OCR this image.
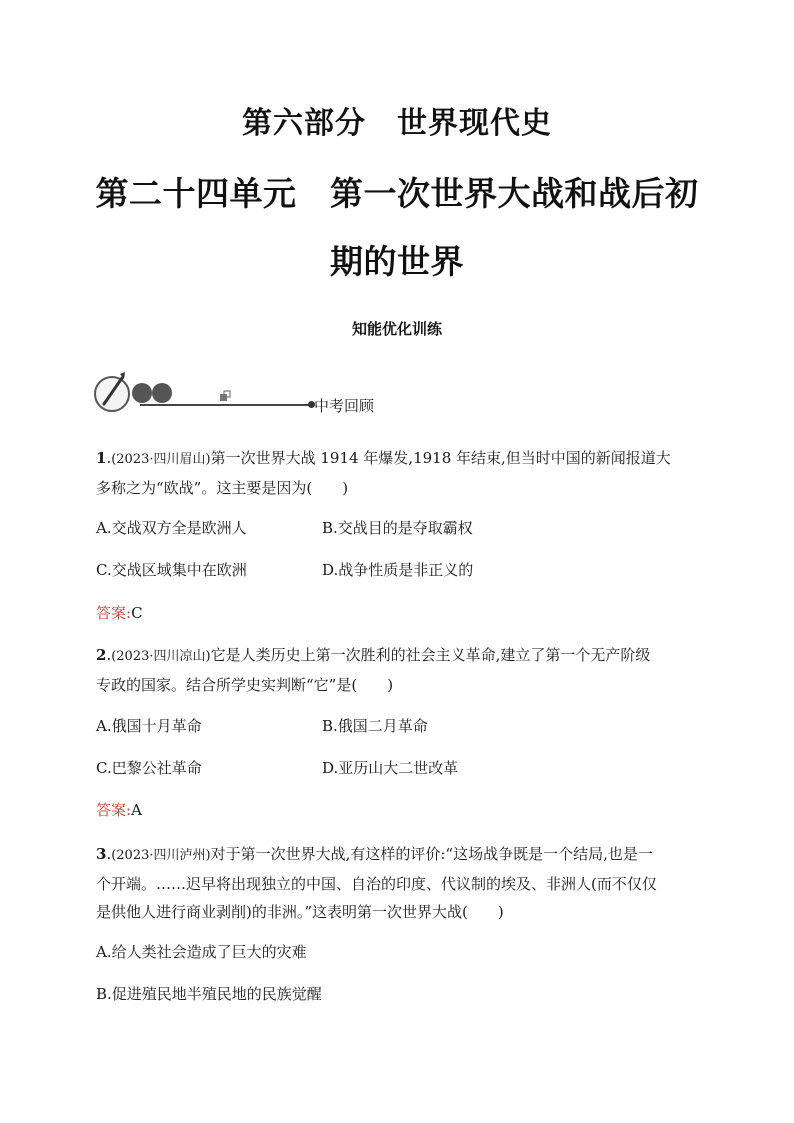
第六部分　世界现代史
第二十四单元　第一次世界大战和战后初
期的世界
知能优化训练
中考回顾
1.(2023·四川眉山)第一次世界大战 1914 年爆发,1918 年结束,但当时中国的新闻报道大
多称之为“欧战”。这主要是因为(　　)
A.交战双方全是欧洲人	B.交战目的是夺取霸权
C.交战区域集中在欧洲	D.战争性质是非正义的
答案:C
2.(2023·四川凉山)它是人类历史上第一次胜利的社会主义革命,建立了第一个无产阶级
专政的国家。结合所学史实判断“它”是(　　)
A.俄国十月革命	B.俄国二月革命
C.巴黎公社革命	D.亚历山大二世改革
答案:A
3.(2023·四川泸州)对于第一次世界大战,有这样的评价:“这场战争既是一个结局,也是一
个开端。……迟早将出现独立的中国、自治的印度、代议制的埃及、非洲人(而不仅仅
是供他人进行商业剥削)的非洲。”这表明第一次世界大战(　　)
A.给人类社会造成了巨大的灾难
B.促进殖民地半殖民地的民族觉醒
